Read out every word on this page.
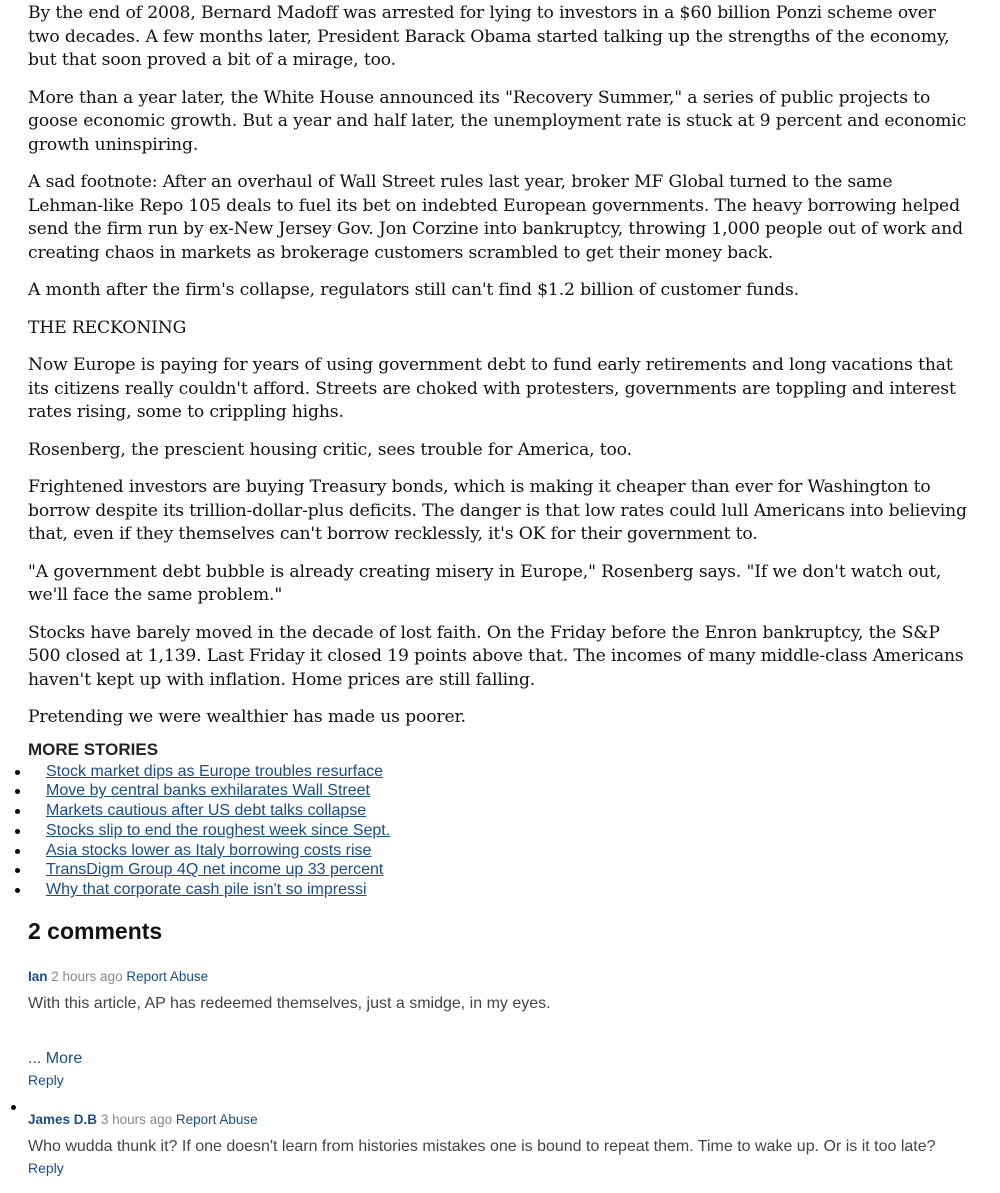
By the end of 2008, Bernard Madoff was arrested for lying to investors in a $60 billion Ponzi scheme over two decades. A few months later, President Barack Obama started talking up the strengths of the economy, but that soon proved a bit of a mirage, too.

More than a year later, the White House announced its "Recovery Summer," a series of public projects to goose economic growth. But a year and half later, the unemployment rate is stuck at 9 percent and economic growth uninspiring.

A sad footnote: After an overhaul of Wall Street rules last year, broker MF Global turned to the same Lehman-like Repo 105 deals to fuel its bet on indebted European governments. The heavy borrowing helped send the firm run by ex-New Jersey Gov. Jon Corzine into bankruptcy, throwing 1,000 people out of work and creating chaos in markets as brokerage customers scrambled to get their money back.

A month after the firm's collapse, regulators still can't find $1.2 billion of customer funds.

THE RECKONING

Now Europe is paying for years of using government debt to fund early retirements and long vacations that its citizens really couldn't afford. Streets are choked with protesters, governments are toppling and interest rates rising, some to crippling highs.

Rosenberg, the prescient housing critic, sees trouble for America, too.

Frightened investors are buying Treasury bonds, which is making it cheaper than ever for Washington to borrow despite its trillion-dollar-plus deficits. The danger is that low rates could lull Americans into believing that, even if they themselves can't borrow recklessly, it's OK for their government to.

"A government debt bubble is already creating misery in Europe," Rosenberg says. "If we don't watch out, we'll face the same problem."

Stocks have barely moved in the decade of lost faith. On the Friday before the Enron bankruptcy, the S&P 500 closed at 1,139. Last Friday it closed 19 points above that. The incomes of many middle-class Americans haven't kept up with inflation. Home prices are still falling.

Pretending we were wealthier has made us poorer.

MORE STORIES
Stock market dips as Europe troubles resurface
Move by central banks exhilarates Wall Street
Markets cautious after US debt talks collapse
Stocks slip to end the roughest week since Sept.
Asia stocks lower as Italy borrowing costs rise
TransDigm Group 4Q net income up 33 percent
Why that corporate cash pile isn't so impressi
2 comments
Ian 2 hours ago Report Abuse
With this article, AP has redeemed themselves, just a smidge, in my eyes.
... More
Reply
James D.B 3 hours ago Report Abuse
Who wudda thunk it? If one doesn't learn from histories mistakes one is bound to repeat them. Time to wake up. Or is it too late?
Reply
